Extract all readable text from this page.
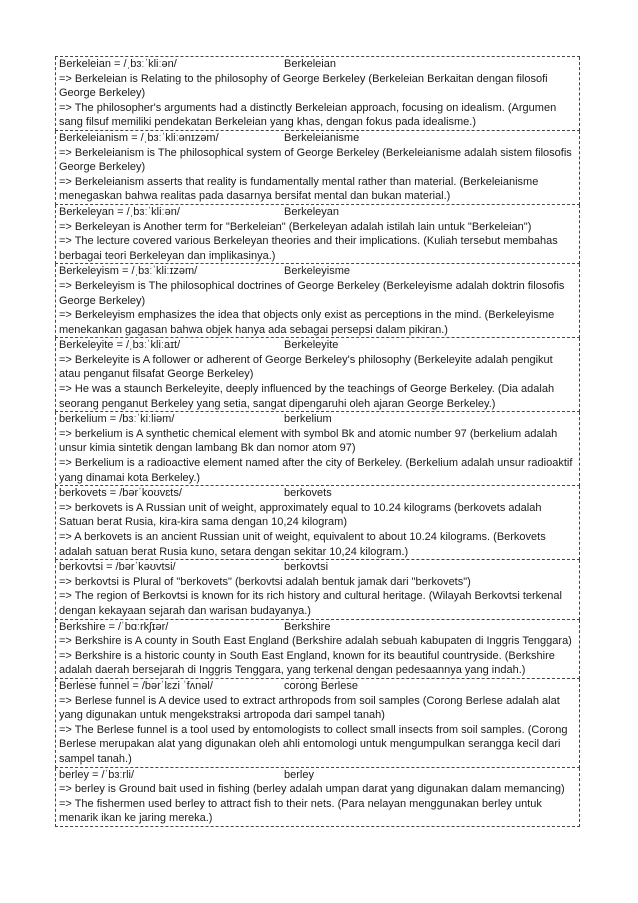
Berkeleian = /ˌbɜːˈkliːən/	Berkeleian

=> Berkeleian is Relating to the philosophy of George Berkeley (Berkeleian Berkaitan dengan filosofi George Berkeley)

=> The philosopher's arguments had a distinctly Berkeleian approach, focusing on idealism. (Argumen sang filsuf memiliki pendekatan Berkeleian yang khas, dengan fokus pada idealisme.)

Berkeleianism = /ˌbɜːˈkliːənɪzəm/	Berkeleianisme

=> Berkeleianism is The philosophical system of George Berkeley (Berkeleianisme adalah sistem filosofis George Berkeley)

=> Berkeleianism asserts that reality is fundamentally mental rather than material. (Berkeleianisme menegaskan bahwa realitas pada dasarnya bersifat mental dan bukan material.)

Berkeleyan = /ˌbɜːˈkliːən/	Berkeleyan

=> Berkeleyan is Another term for "Berkeleian" (Berkeleyan adalah istilah lain untuk "Berkeleian")

=> The lecture covered various Berkeleyan theories and their implications. (Kuliah tersebut membahas berbagai teori Berkeleyan dan implikasinya.)

Berkeleyism = /ˌbɜːˈkliːɪzəm/	Berkeleyisme

=> Berkeleyism is The philosophical doctrines of George Berkeley (Berkeleyisme adalah doktrin filosofis George Berkeley)

=> Berkeleyism emphasizes the idea that objects only exist as perceptions in the mind. (Berkeleyisme menekankan gagasan bahwa objek hanya ada sebagai persepsi dalam pikiran.)

Berkeleyite = /ˌbɜːˈkliːaɪt/	Berkeleyite

=> Berkeleyite is A follower or adherent of George Berkeley's philosophy (Berkeleyite adalah pengikut atau penganut filsafat George Berkeley)

=> He was a staunch Berkeleyite, deeply influenced by the teachings of George Berkeley. (Dia adalah seorang penganut Berkeley yang setia, sangat dipengaruhi oleh ajaran George Berkeley.)

berkelium = /bɜːˈkiːliəm/	berkelium

=> berkelium is A synthetic chemical element with symbol Bk and atomic number 97 (berkelium adalah unsur kimia sintetik dengan lambang Bk dan nomor atom 97)

=> Berkelium is a radioactive element named after the city of Berkeley. (Berkelium adalah unsur radioaktif yang dinamai kota Berkeley.)

berkovets = /bərˈkoʊvɛts/	berkovets

=> berkovets is A Russian unit of weight, approximately equal to 10.24 kilograms (berkovets adalah Satuan berat Rusia, kira-kira sama dengan 10,24 kilogram)

=> A berkovets is an ancient Russian unit of weight, equivalent to about 10.24 kilograms. (Berkovets adalah satuan berat Rusia kuno, setara dengan sekitar 10,24 kilogram.)

berkovtsi = /bərˈkəʊvtsi/	berkovtsi

=> berkovtsi is Plural of "berkovets" (berkovtsi adalah bentuk jamak dari "berkovets")

=> The region of Berkovtsi is known for its rich history and cultural heritage. (Wilayah Berkovtsi terkenal dengan kekayaan sejarah dan warisan budayanya.)

Berkshire = /ˈbɑːrkʃɪər/	Berkshire

=> Berkshire is A county in South East England (Berkshire adalah sebuah kabupaten di Inggris Tenggara)

=> Berkshire is a historic county in South East England, known for its beautiful countryside. (Berkshire adalah daerah bersejarah di Inggris Tenggara, yang terkenal dengan pedesaannya yang indah.)

Berlese funnel = /bərˈlɛzi ˈfʌnəl/	corong Berlese

=> Berlese funnel is A device used to extract arthropods from soil samples (Corong Berlese adalah alat yang digunakan untuk mengekstraksi artropoda dari sampel tanah)

=> The Berlese funnel is a tool used by entomologists to collect small insects from soil samples. (Corong Berlese merupakan alat yang digunakan oleh ahli entomologi untuk mengumpulkan serangga kecil dari sampel tanah.)

berley = /ˈbɜːrli/	berley

=> berley is Ground bait used in fishing (berley adalah umpan darat yang digunakan dalam memancing)

=> The fishermen used berley to attract fish to their nets. (Para nelayan menggunakan berley untuk menarik ikan ke jaring mereka.)
